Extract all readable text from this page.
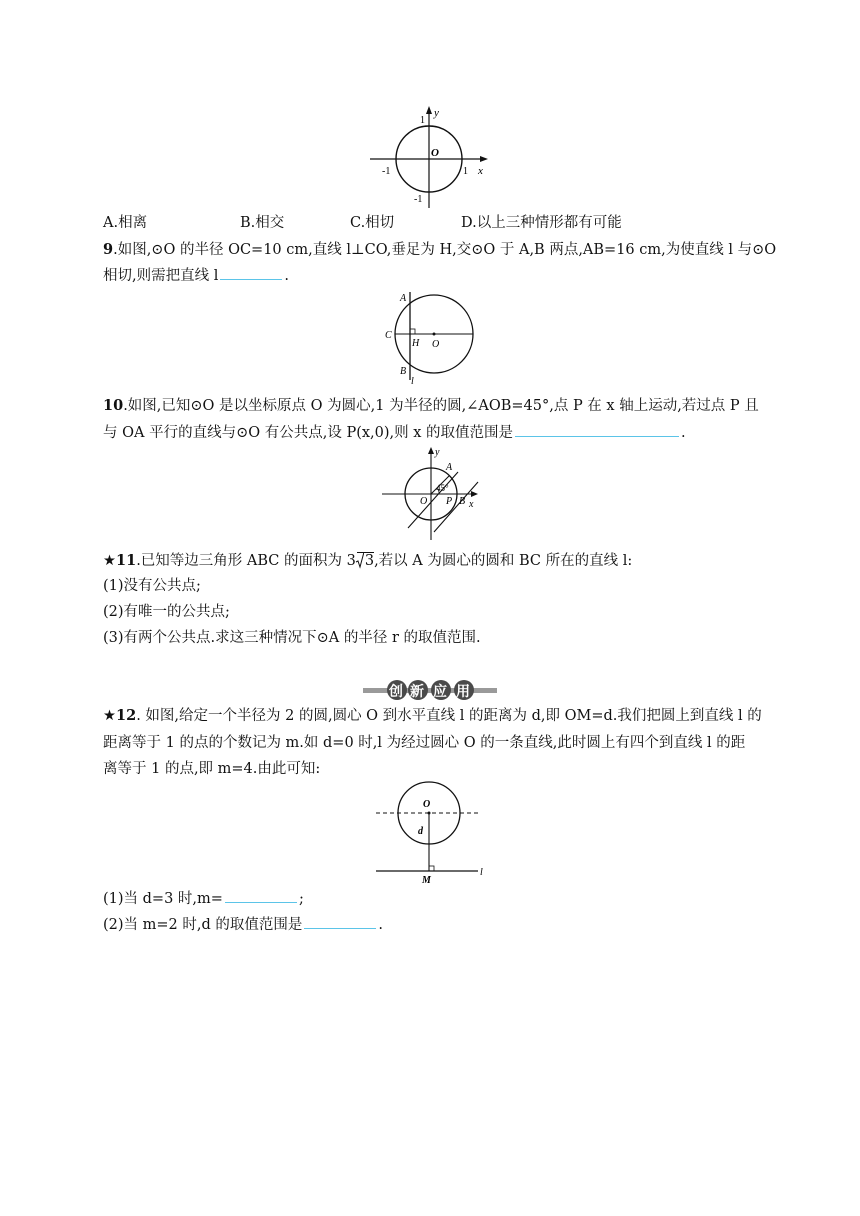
y
x
O
1
-1
-1	1
A.相离	B.相交	C.相切	D.以上三种情形都有可能
9.如图,⊙O 的半径 OC=10 cm,直线 l⊥CO,垂足为 H,交⊙O 于 A,B 两点,AB=16 cm,为使直线 l 与⊙O
相切,则需把直线 l	.
A
B
C
H O
l
10.如图,已知⊙O 是以坐标原点 O 为圆心,1 为半径的圆,∠AOB=45°,点 P 在 x 轴上运动,若过点 P 且
与 OA 平行的直线与⊙O 有公共点,设 P(x,0),则 x 的取值范围是	.
y
x
O
A
P B
45°
★11.已知等边三角形 ABC 的面积为 3 3,若以 A 为圆心的圆和 BC 所在的直线 l:
(1)没有公共点;
(2)有唯一的公共点;
(3)有两个公共点.求这三种情况下⊙A 的半径 r 的取值范围.
创 新 应 用
★12. 如图,给定一个半径为 2 的圆,圆心 O 到水平直线 l 的距离为 d,即 OM=d.我们把圆上到直线 l 的
距离等于 1 的点的个数记为 m.如 d=0 时,l 为经过圆心 O 的一条直线,此时圆上有四个到直线 l 的距
离等于 1 的点,即 m=4.由此可知:
O
d
M
l
(1)当 d=3 时,m=	;
(2)当 m=2 时,d 的取值范围是	.
